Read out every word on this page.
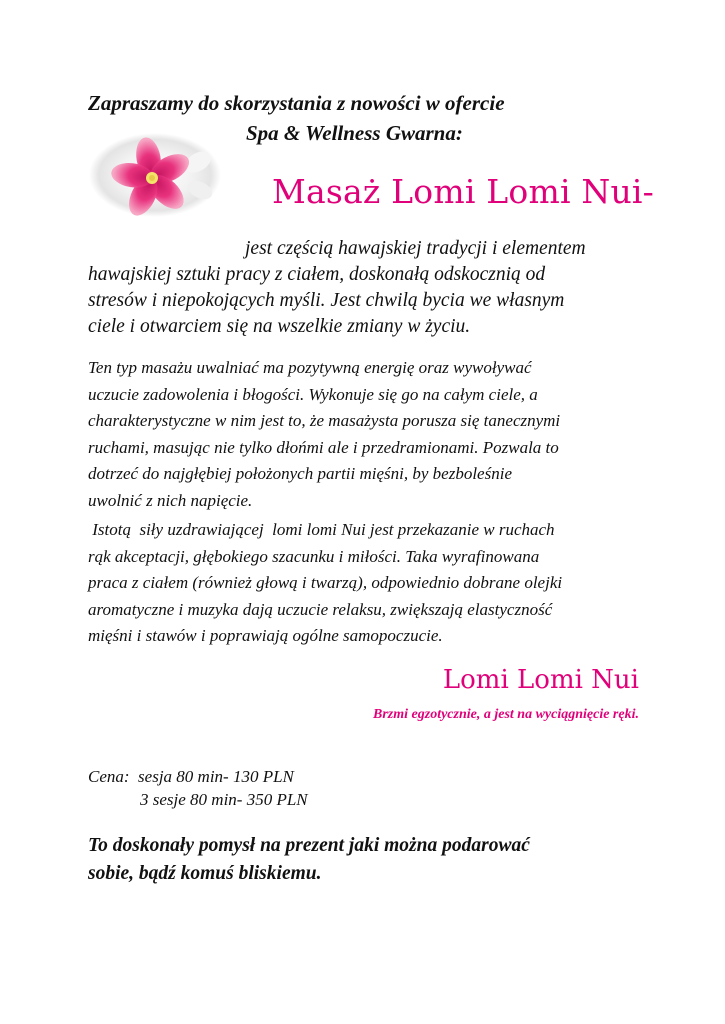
Zapraszamy do skorzystania z nowości w ofercie
Spa & Wellness Gwarna:
Masaż Lomi Lomi Nui-
jest częścią hawajskiej tradycji i elementem
hawajskiej sztuki pracy z ciałem, doskonałą odskocznią od
stresów i niepokojących myśli. Jest chwilą bycia we własnym
ciele i otwarciem się na wszelkie zmiany w życiu.
Ten typ masażu uwalniać ma pozytywną energię oraz wywoływać
uczucie zadowolenia i błogości. Wykonuje się go na całym ciele, a
charakterystyczne w nim jest to, że masażysta porusza się tanecznymi
ruchami, masując nie tylko dłońmi ale i przedramionami. Pozwala to
dotrzeć do najgłębiej położonych partii mięśni, by bezboleśnie
uwolnić z nich napięcie.
Istotą  siły uzdrawiającej  lomi lomi Nui jest przekazanie w ruchach
rąk akceptacji, głębokiego szacunku i miłości. Taka wyrafinowana
praca z ciałem (również głową i twarzą), odpowiednio dobrane olejki
aromatyczne i muzyka dają uczucie relaksu, zwiększają elastyczność
mięśni i stawów i poprawiają ogólne samopoczucie.
Lomi Lomi Nui
Brzmi egzotycznie, a jest na wyciągnięcie ręki.
Cena:  sesja 80 min- 130 PLN
3 sesje 80 min- 350 PLN
To doskonały pomysł na prezent jaki można podarować
sobie, bądź komuś bliskiemu.
